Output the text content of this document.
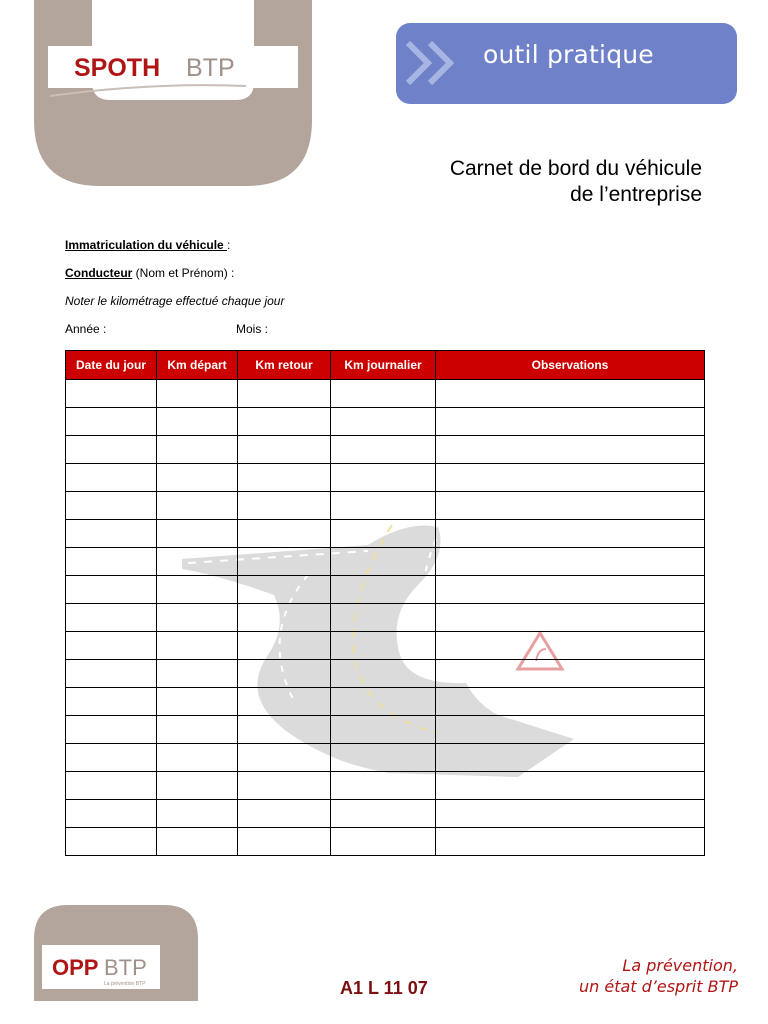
SPOTH BTP	outil pratique
Carnet de bord du véhicule
de l’entreprise
Immatriculation du véhicule :
Conducteur (Nom et Prénom) :
Noter le kilométrage effectué chaque jour
Année :	Mois :
Date du jour	Km départ	Km retour	Km journalier	Observations

OPP BTP
La prévention BTP	A1 L 11 07
La prévention,
un état d’esprit BTP
